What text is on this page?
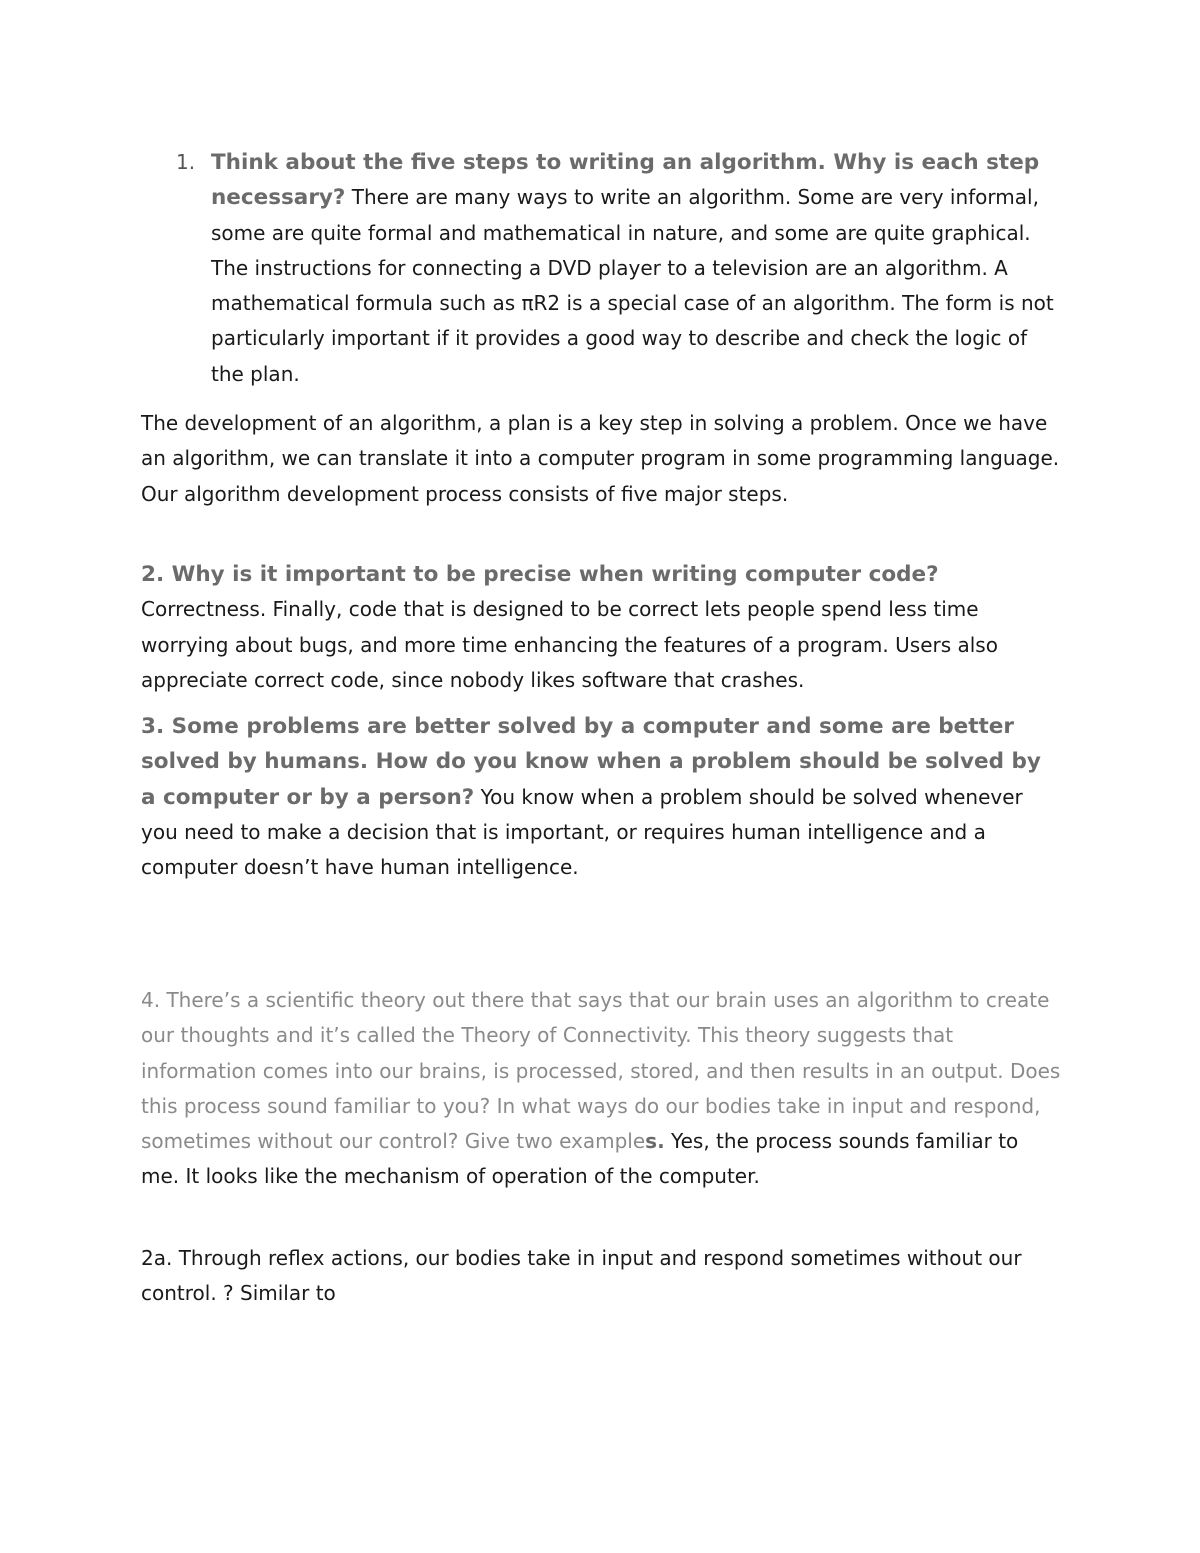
1. Think about the five steps to writing an algorithm. Why is each step necessary? There are many ways to write an algorithm. Some are very informal, some are quite formal and mathematical in nature, and some are quite graphical. The instructions for connecting a DVD player to a television are an algorithm. A mathematical formula such as πR2 is a special case of an algorithm. The form is not particularly important if it provides a good way to describe and check the logic of the plan.

The development of an algorithm, a plan is a key step in solving a problem. Once we have an algorithm, we can translate it into a computer program in some programming language. Our algorithm development process consists of five major steps.

2. Why is it important to be precise when writing computer code? Correctness. Finally, code that is designed to be correct lets people spend less time worrying about bugs, and more time enhancing the features of a program. Users also appreciate correct code, since nobody likes software that crashes.

3. Some problems are better solved by a computer and some are better solved by humans. How do you know when a problem should be solved by a computer or by a person? You know when a problem should be solved whenever you need to make a decision that is important, or requires human intelligence and a computer doesn’t have human intelligence.

4. There’s a scientific theory out there that says that our brain uses an algorithm to create our thoughts and it’s called the Theory of Connectivity. This theory suggests that information comes into our brains, is processed, stored, and then results in an output. Does this process sound familiar to you? In what ways do our bodies take in input and respond, sometimes without our control? Give two examples. Yes, the process sounds familiar to me. It looks like the mechanism of operation of the computer.

2a. Through reflex actions, our bodies take in input and respond sometimes without our control. ? Similar to
